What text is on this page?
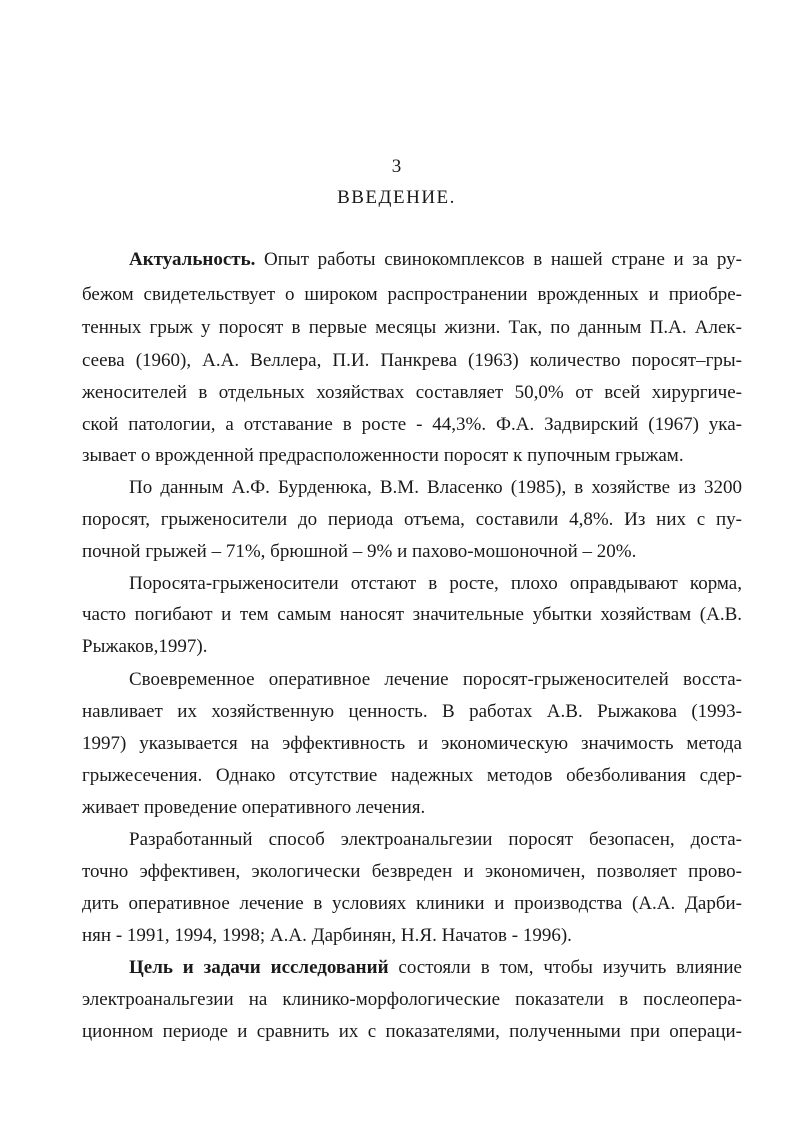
3
ВВЕДЕНИЕ.
Актуальность. Опыт работы свинокомплексов в нашей стране и за ру-
бежом свидетельствует о широком распространении врожденных и приобре-
тенных грыж у поросят в первые месяцы жизни. Так, по данным П.А. Алек-
сеева (1960), А.А. Веллера, П.И. Панкрева (1963) количество поросят–гры-
женосителей в отдельных хозяйствах составляет 50,0% от всей хирургиче-
ской патологии, а отставание в росте - 44,3%. Ф.А. Задвирский (1967) ука-
зывает о врожденной предрасположенности поросят к пупочным грыжам.
По данным А.Ф. Бурденюка, В.М. Власенко (1985), в хозяйстве из 3200
поросят, грыженосители до периода отъема, составили 4,8%. Из них с пу-
почной грыжей – 71%, брюшной – 9% и пахово-мошоночной – 20%.
Поросята-грыженосители отстают в росте, плохо оправдывают корма,
часто погибают и тем самым наносят значительные убытки хозяйствам (А.В.
Рыжаков,1997).
Своевременное оперативное лечение поросят-грыженосителей восста-
навливает их хозяйственную ценность. В работах А.В. Рыжакова (1993-
1997) указывается на эффективность и экономическую значимость метода
грыжесечения. Однако отсутствие надежных методов обезболивания сдер-
живает проведение оперативного лечения.
Разработанный способ электроанальгезии поросят безопасен, доста-
точно эффективен, экологически безвреден и экономичен, позволяет прово-
дить оперативное лечение в условиях клиники и производства (А.А. Дарби-
нян - 1991, 1994, 1998; А.А. Дарбинян, Н.Я. Начатов - 1996).
Цель и задачи исследований состояли в том, чтобы изучить влияние
электроанальгезии на клинико-морфологические показатели в послеопера-
ционном периоде и сравнить их с показателями, полученными при операци-
